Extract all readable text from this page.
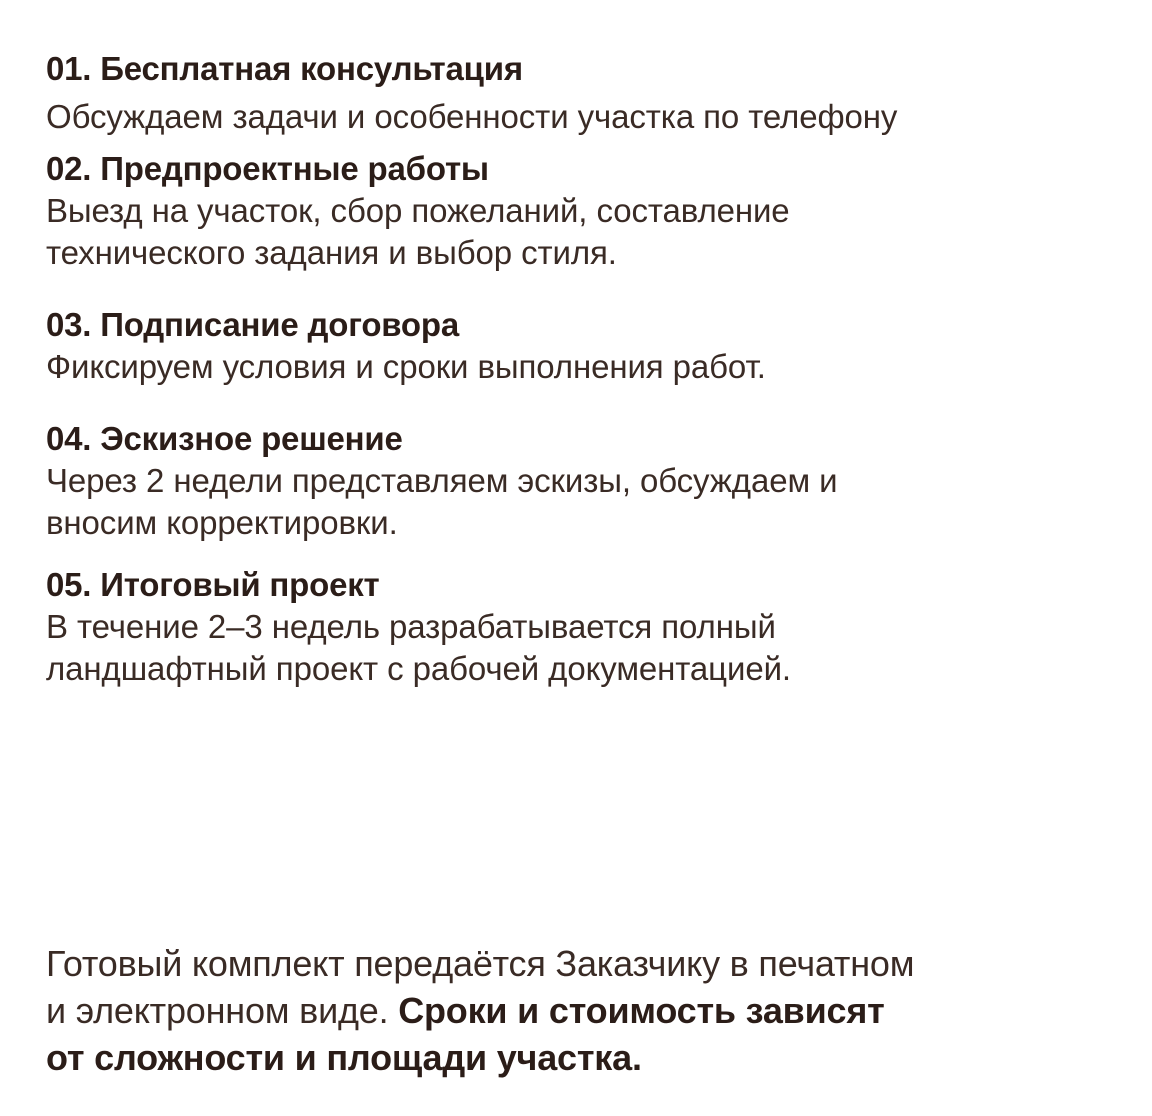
01. Бесплатная консультация

Обсуждаем задачи и особенности участка по телефону

02. Предпроектные работы

Выезд на участок, сбор пожеланий, составление

технического задания и выбор стиля.

03. Подписание договора

Фиксируем условия и сроки выполнения работ.

04. Эскизное решение

Через 2 недели представляем эскизы, обсуждаем и

вносим корректировки.

05. Итоговый проект

В течение 2–3 недель разрабатывается полный

ландшафтный проект с рабочей документацией.

Готовый комплект передаётся Заказчику в печатном
и электронном виде. Сроки и стоимость зависят
от сложности и площади участка.
